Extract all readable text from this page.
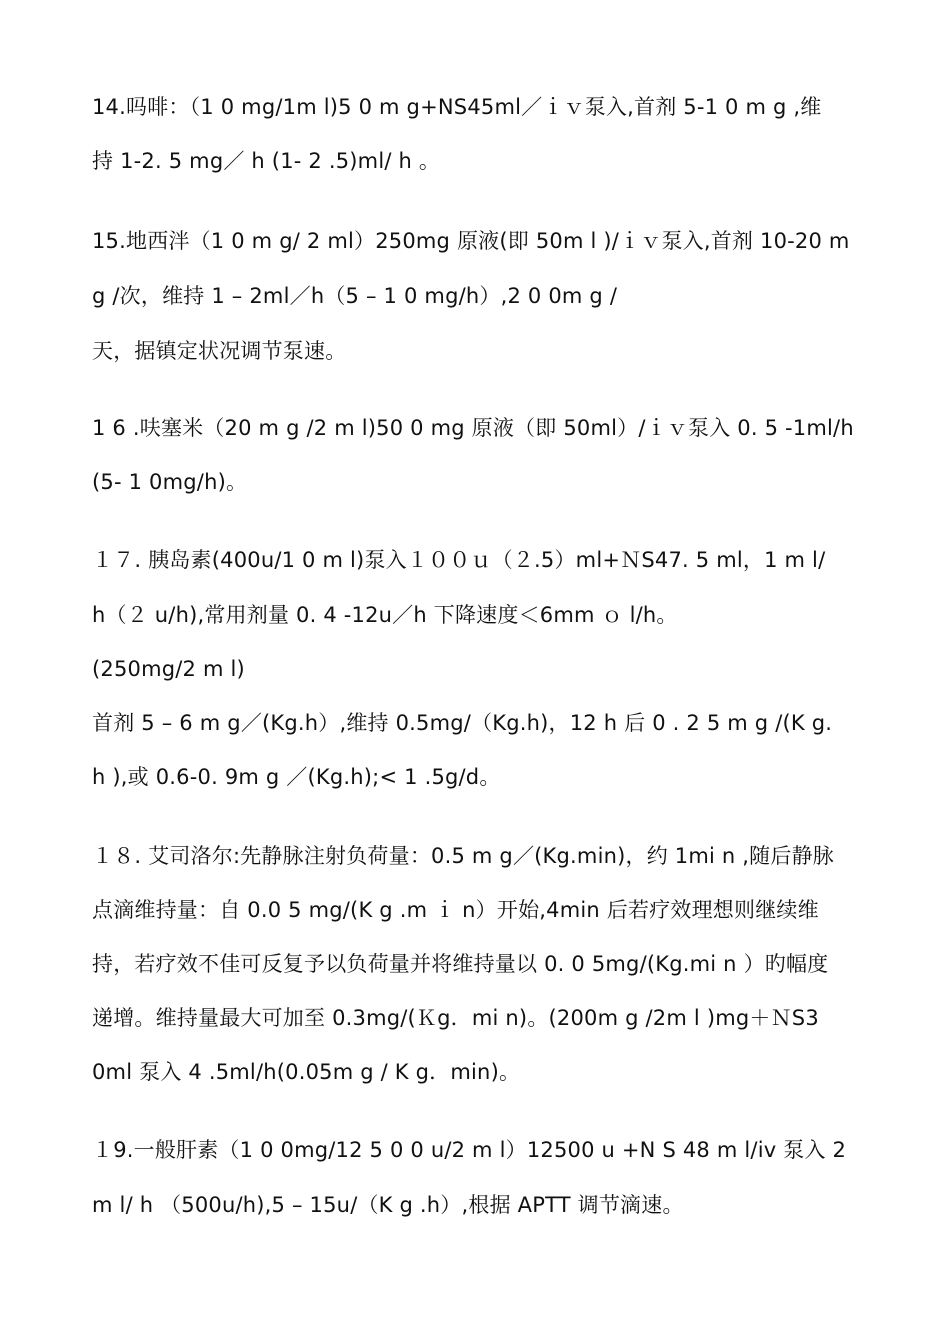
14.吗啡：（1 0 mg/1m l)5 0 m g+NS45ml／ｉｖ泵入,首剂 5-1 0 m g ,维
持 1-2. 5 mg／ h (1- 2 .5)ml/ h 。
15.地西泮（1 0 m g/ 2 ml）250mg 原液(即 50m l )/ｉｖ泵入,首剂 10-20 m
g /次，维持 1 – 2ml／h（5 – 1 0 mg/h）,2 0 0m g /
天，据镇定状况调节泵速。
1 6 .呋塞米（20 m g /2 m l)50 0 mg 原液（即 50ml）/ｉｖ泵入 0. 5 -1ml/h
(5- 1 0mg/h)。
１７. 胰岛素(400u/1 0 m l)泵入１００ｕ（２.5）ml+ＮS47. 5 ml，1 m l/
h（２ u/h),常用剂量 0. 4 -12u／h 下降速度＜6mm ｏ l/h。
(250mg/2 m l)
首剂 5 – 6 m g／(Kg.h）,维持 0.5mg/（Kg.h)，12 h 后 0 . 2 5 m g /(K g.
h ),或 0.6-0. 9m g ／(Kg.h);< 1 .5g/d。
１８. 艾司洛尔:先静脉注射负荷量：0.5 m g／(Kg.min)，约 1mi n ,随后静脉
点滴维持量：自 0.0 5 mg/(K g .m ｉ n）开始,4min 后若疗效理想则继续维
持，若疗效不佳可反复予以负荷量并将维持量以 0. 0 5mg/(Kg.mi n ）旳幅度
递增。维持量最大可加至 0.3mg/(Ｋg．mi n)。(200m g /2m l )mg＋ＮS3
0ml 泵入 4 .5ml/h(0.05m g / K g．min)。
１9.一般肝素（1 0 0mg/12 5 0 0 u/2 m l）12500 u +N S 48 m l/iv 泵入 2
m l/ h （500u/h),5 – 15u/（K g .h）,根据 APTT 调节滴速。
